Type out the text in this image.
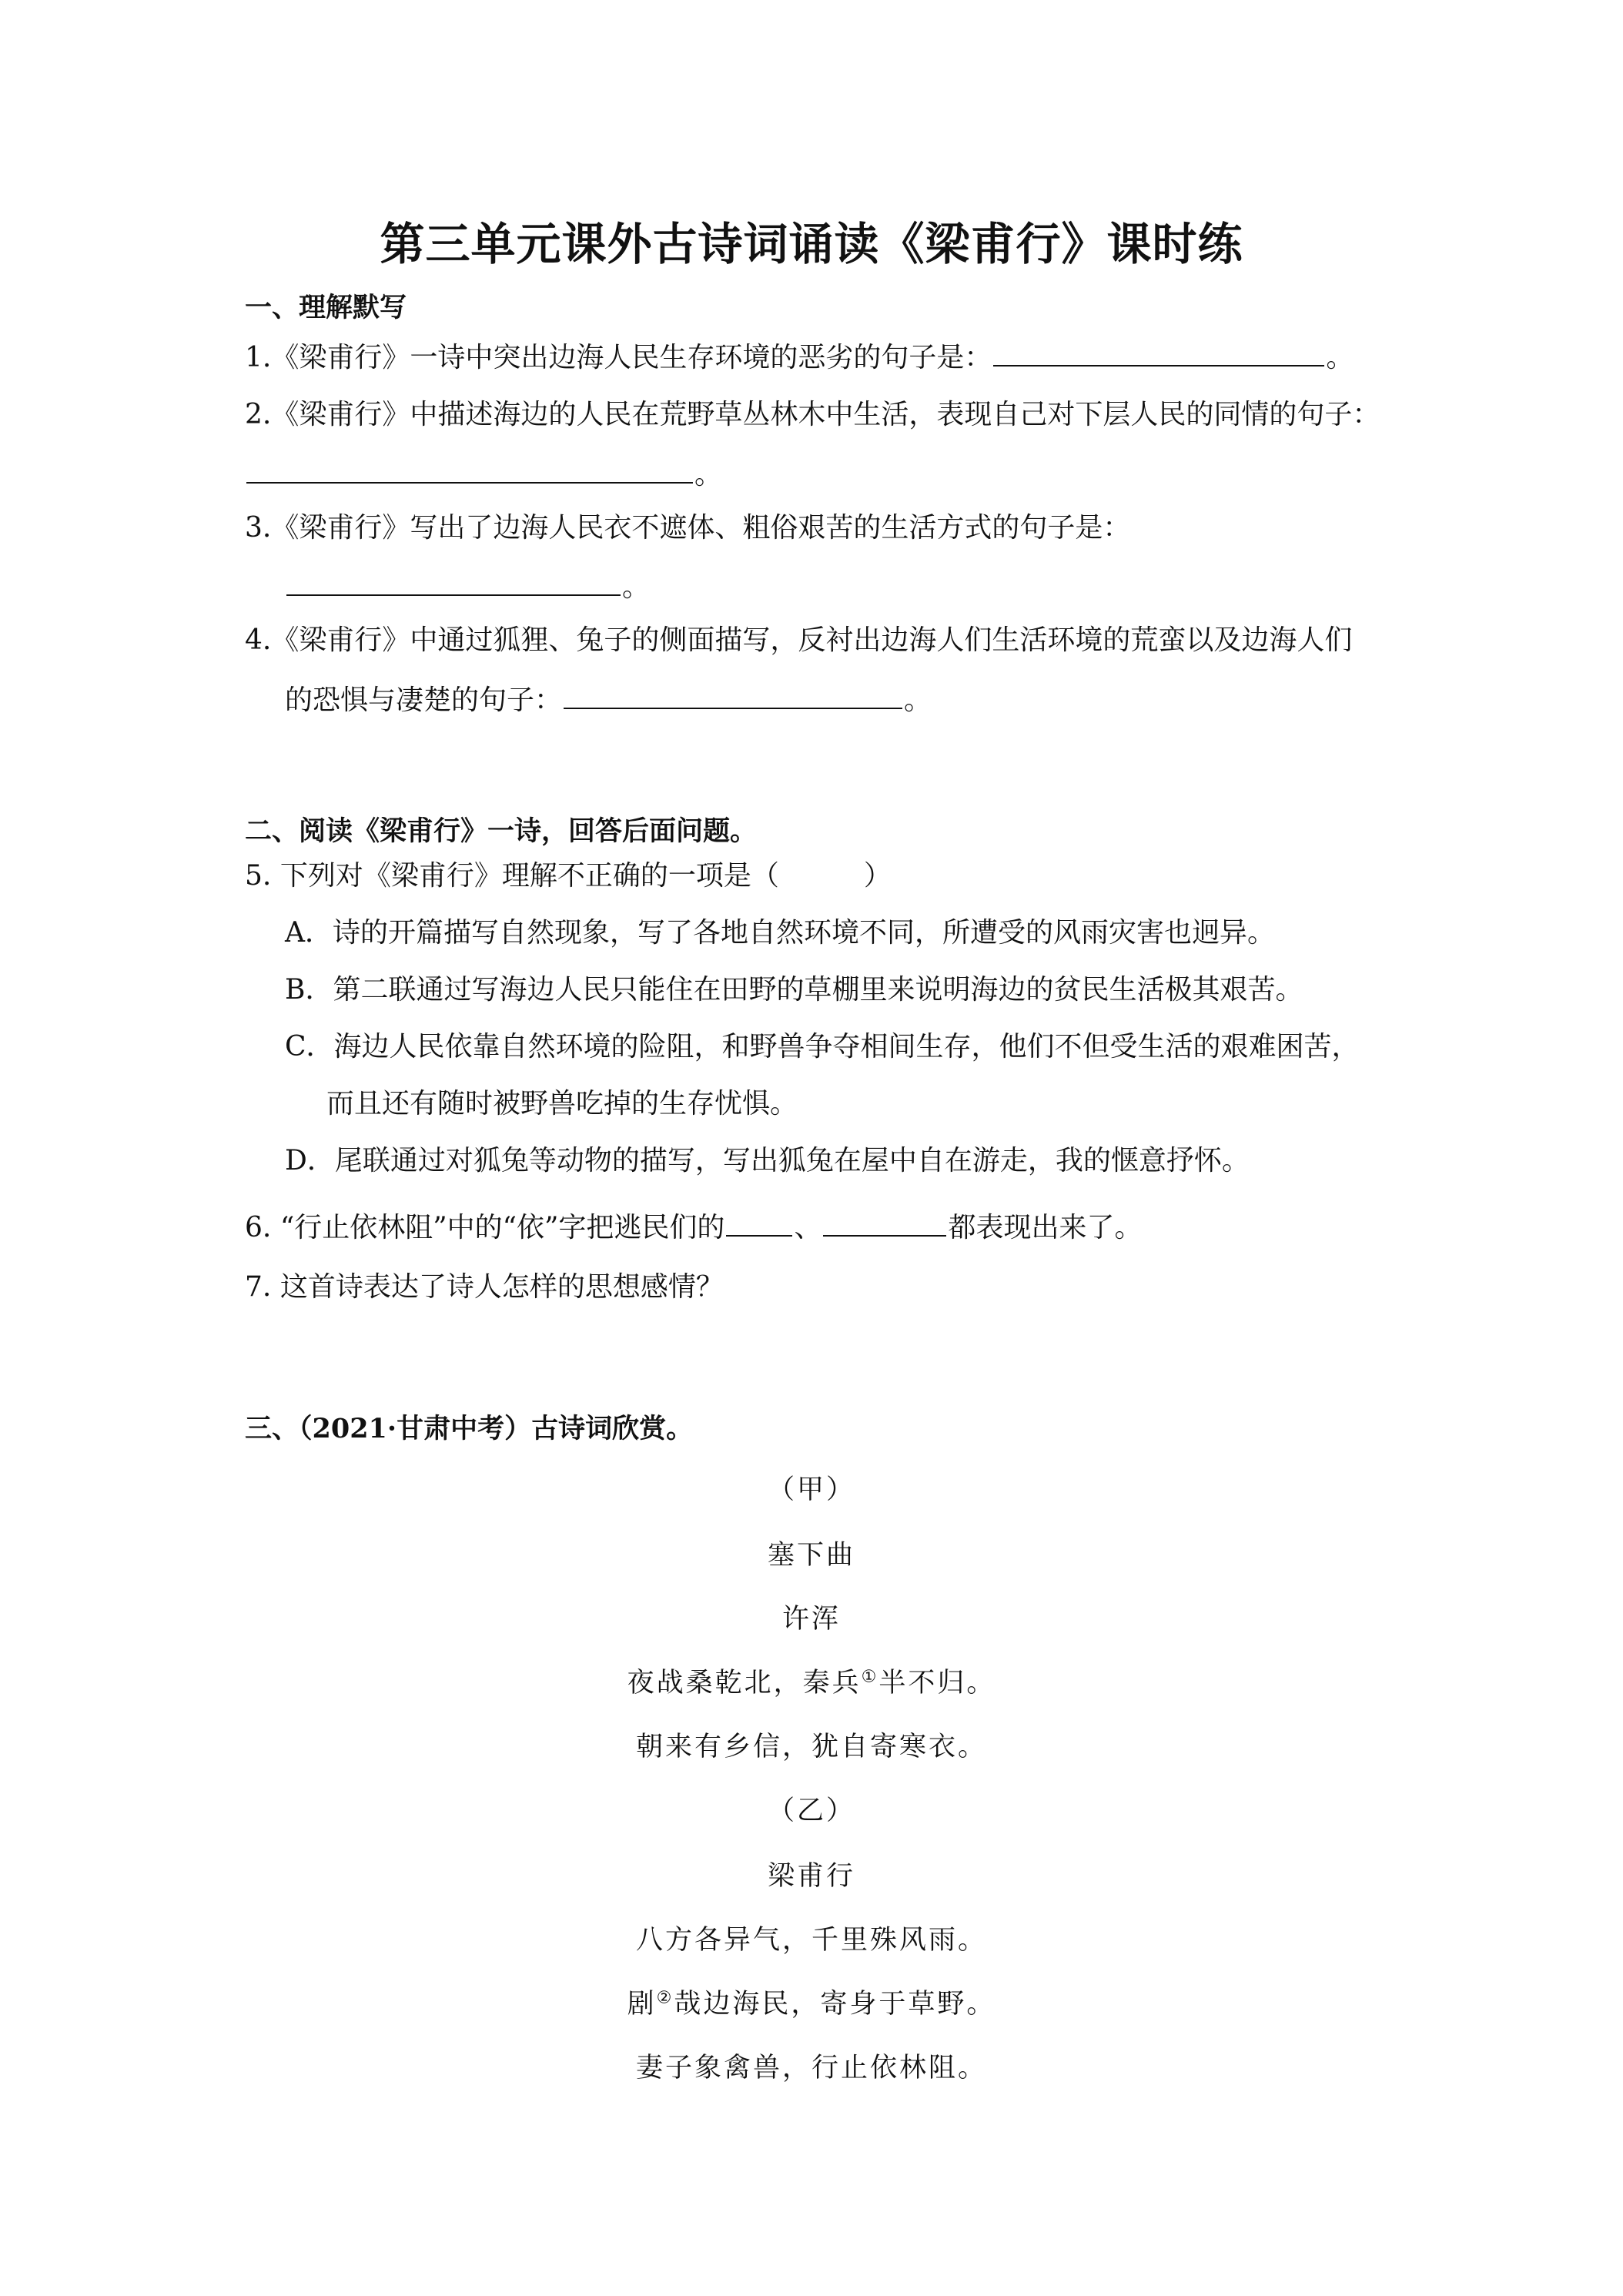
第三单元课外古诗词诵读《梁甫行》课时练
一、理解默写
1.《梁甫行》一诗中突出边海人民生存环境的恶劣的句子是：	。
2.《梁甫行》中描述海边的人民在荒野草丛林木中生活，表现自己对下层人民的同情的句子：
。
3.《梁甫行》写出了边海人民衣不遮体、粗俗艰苦的生活方式的句子是：
。
4.《梁甫行》中通过狐狸、兔子的侧面描写，反衬出边海人们生活环境的荒蛮以及边海人们
的恐惧与凄楚的句子：	。
二、阅读《梁甫行》一诗，回答后面问题。
5. 下列对《梁甫行》理解不正确的一项是（	）
A．诗的开篇描写自然现象，写了各地自然环境不同，所遭受的风雨灾害也迥异。
B．第二联通过写海边人民只能住在田野的草棚里来说明海边的贫民生活极其艰苦。
C．海边人民依靠自然环境的险阻，和野兽争夺相间生存，他们不但受生活的艰难困苦，
而且还有随时被野兽吃掉的生存忧惧。
D．尾联通过对狐兔等动物的描写，写出狐兔在屋中自在游走，我的惬意抒怀。
6. “行止依林阻”中的“依”字把逃民们的	、	都表现出来了。
7. 这首诗表达了诗人怎样的思想感情？
三、（2021·甘肃中考）古诗词欣赏。
（甲）
塞下曲
许浑
夜战桑乾北，秦兵①半不归。
朝来有乡信，犹自寄寒衣。
（乙）
梁甫行
八方各异气，千里殊风雨。
剧②哉边海民，寄身于草野。
妻子象禽兽，行止依林阻。
